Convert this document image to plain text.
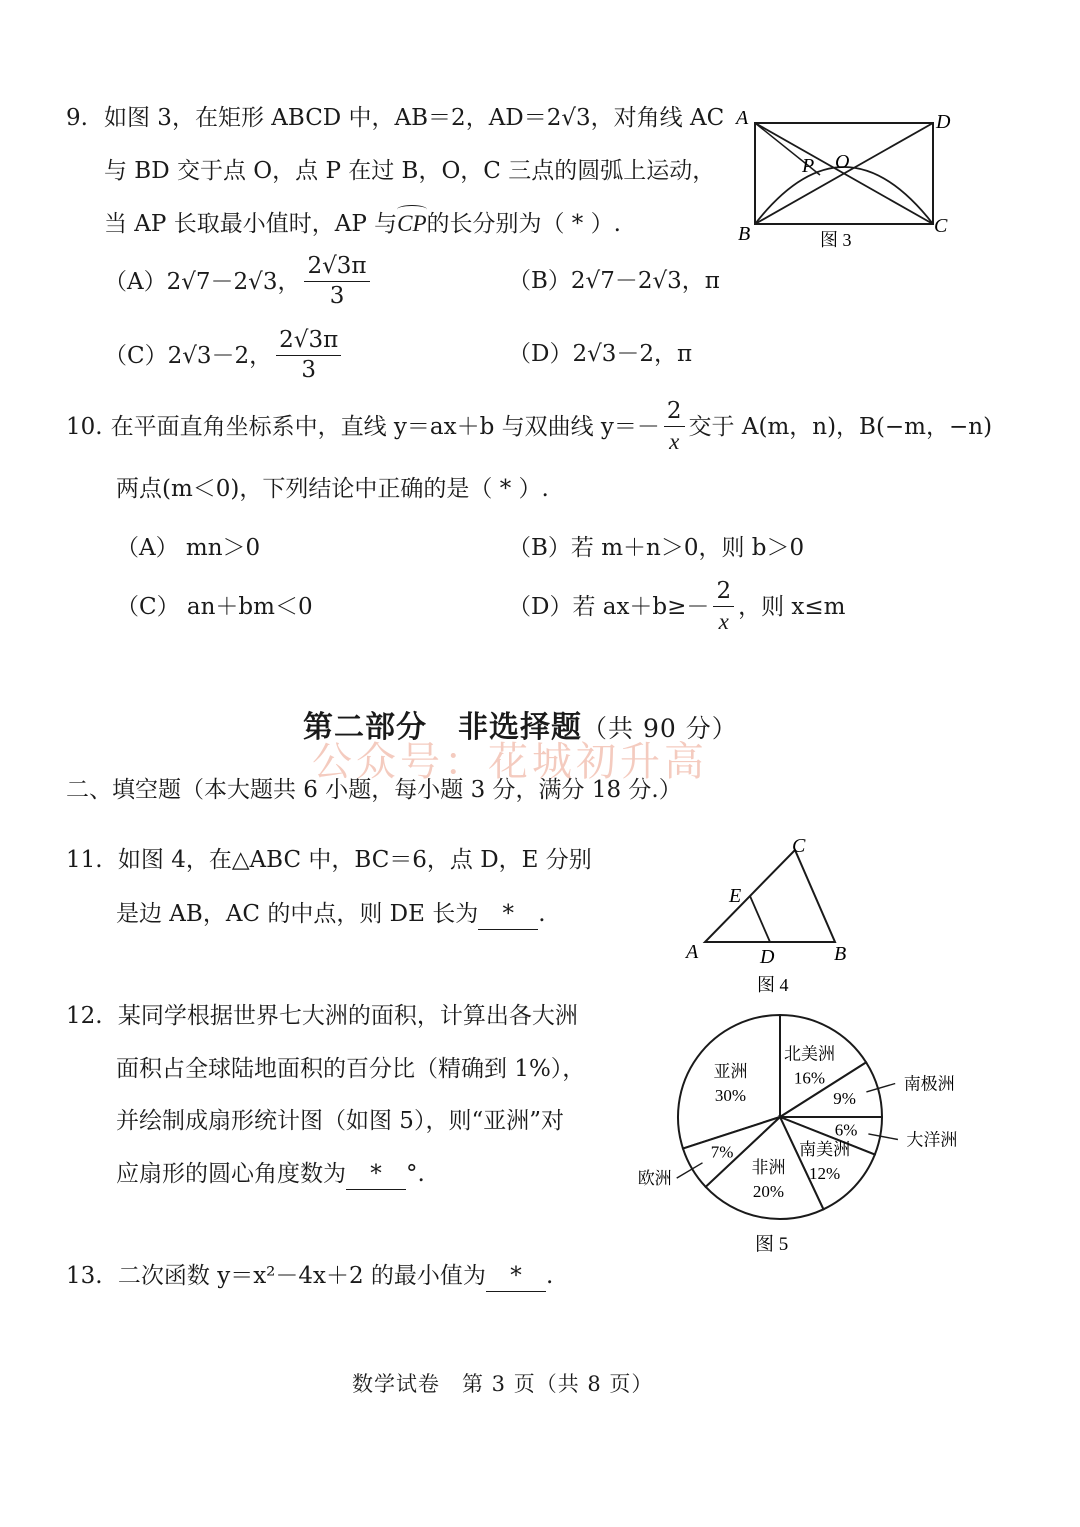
9. 如图 3，在矩形 ABCD 中，AB＝2，AD＝2√3，对角线 AC
与 BD 交于点 O，点 P 在过 B，O，C 三点的圆弧上运动，
当 AP 长取最小值时，AP 与CP的长分别为（ * ）.
（A） 2√7－2√3， $\frac{2√3\pi}{3}$	（B）2√7－2√3，π
（C） 2√3－2， $\frac{2√3\pi}{3}$	（D）2√3－2，π
A	D
B	C
O
P
图 3
10. 在平面直角坐标系中，直线 y＝ax＋b 与双曲线 $y=- \frac{2}{x}$ 交于 A(m，n)，B(−m，−n)
两点(m＜0)，下列结论中正确的是（ * ）.
（A） mn＞0	（B）若 m＋n＞0，则 b＞0
（C） an＋bm＜0	（D）若 $ax+b\ge- \frac{2}{x}$ ，则 x≤m
第二部分　非选择题（共 90 分）
公众号：花城初升高
二、填空题（本大题共 6 小题，每小题 3 分，满分 18 分.）
11. 如图 4，在△ABC 中，BC＝6，点 D，E 分别
是边 AB，AC 的中点，则 DE 长为 * .
A	B
C
D
E
图 4
12. 某同学根据世界七大洲的面积，计算出各大洲
面积占全球陆地面积的百分比（精确到 1%），
并绘制成扇形统计图（如图 5），则“亚洲”对
应扇形的圆心角度数为 * °.
亚洲
30%
北美洲
16%
9%
南极洲
6%
大洋洲
南美洲
12%
非洲
20%
7%
欧洲
图 5
13. 二次函数 y＝x²－4x＋2 的最小值为 * .
数学试卷　第 3 页（共 8 页）
